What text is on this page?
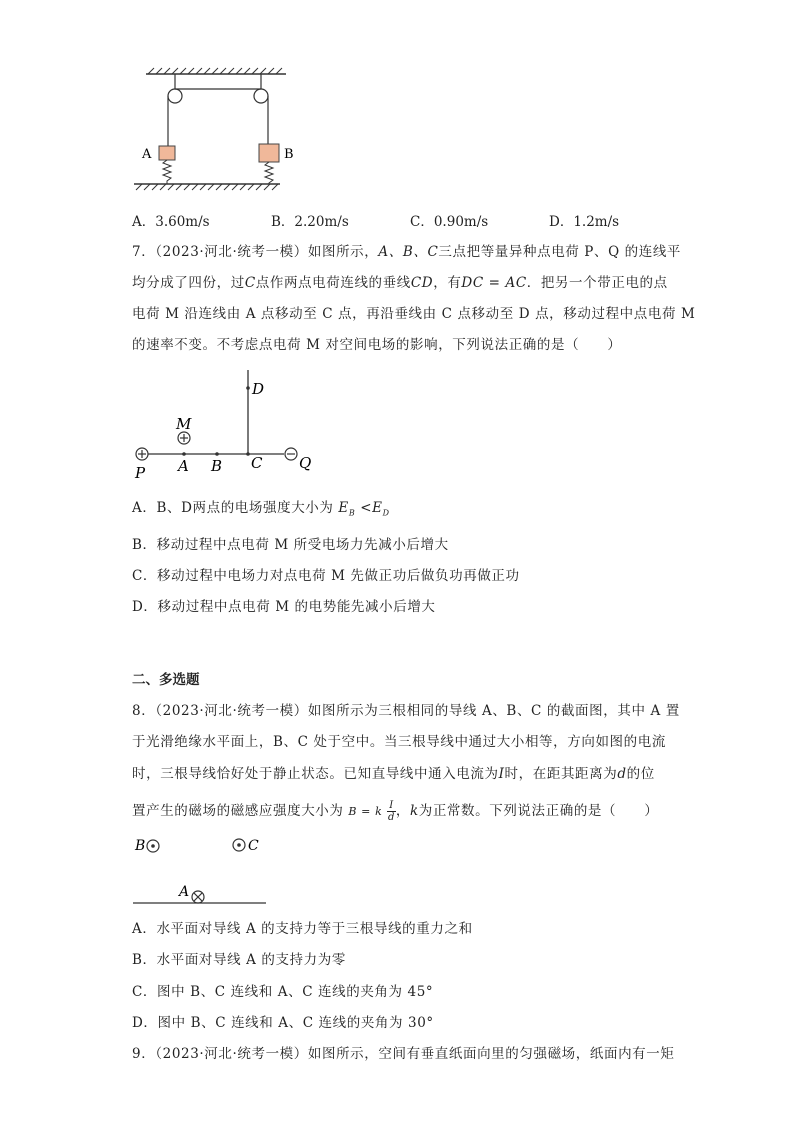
A	B
A．3.60m/s	B．2.20m/s	C．0.90m/s	D．1.2m/s
7．（2023·河北·统考一模）如图所示，A、B、C三点把等量异种点电荷 P、Q 的连线平
均分成了四份，过C点作两点电荷连线的垂线CD，有DC = AC．把另一个带正电的点
电荷 M 沿连线由 A 点移动至 C 点，再沿垂线由 C 点移动至 D 点，移动过程中点电荷 M
的速率不变。不考虑点电荷 M 对空间电场的影响，下列说法正确的是（　　）
D
P
M
A B C Q
A．B、D两点的电场强度大小为 $E_B <E_D$
B．移动过程中点电荷 M 所受电场力先减小后增大
C．移动过程中电场力对点电荷 M 先做正功后做负功再做正功
D．移动过程中点电荷 M 的电势能先减小后增大
二、多选题
8．（2023·河北·统考一模）如图所示为三根相同的导线 A、B、C 的截面图，其中 A 置
于光滑绝缘水平面上，B、C 处于空中。当三根导线中通过大小相等，方向如图的电流
时，三根导线恰好处于静止状态。已知直导线中通入电流为I时，在距其距离为d的位
置产生的磁场的磁感应强度大小为 B = k $\frac{I}{d}$ ，k为正常数。下列说法正确的是（　　）
B	C
A
A．水平面对导线 A 的支持力等于三根导线的重力之和
B．水平面对导线 A 的支持力为零
C．图中 B、C 连线和 A、C 连线的夹角为 45°
D．图中 B、C 连线和 A、C 连线的夹角为 30°
9．（2023·河北·统考一模）如图所示，空间有垂直纸面向里的匀强磁场，纸面内有一矩
